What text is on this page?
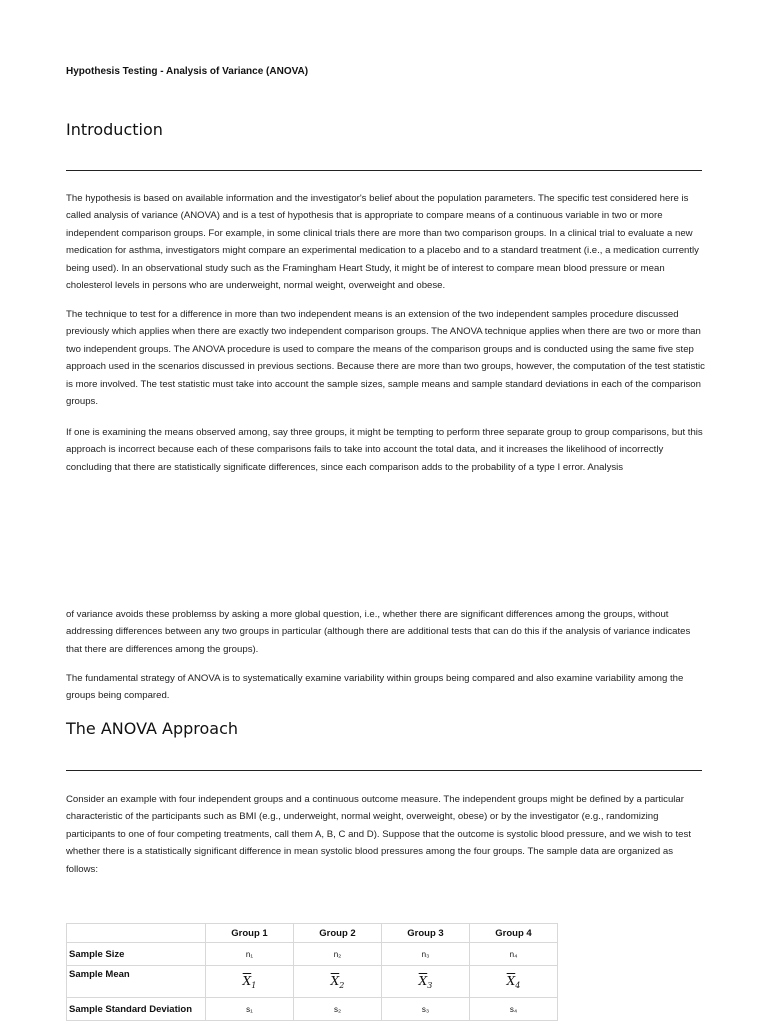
Hypothesis Testing - Analysis of Variance (ANOVA)
Introduction

The hypothesis is based on available information and the investigator's belief about the population parameters. The specific test considered here is called analysis of variance (ANOVA) and is a test of hypothesis that is appropriate to compare means of a continuous variable in two or more independent comparison groups. For example, in some clinical trials there are more than two comparison groups. In a clinical trial to evaluate a new medication for asthma, investigators might compare an experimental medication to a placebo and to a standard treatment (i.e., a medication currently being used). In an observational study such as the Framingham Heart Study, it might be of interest to compare mean blood pressure or mean cholesterol levels in persons who are underweight, normal weight, overweight and obese.

The technique to test for a difference in more than two independent means is an extension of the two independent samples procedure discussed previously which applies when there are exactly two independent comparison groups. The ANOVA technique applies when there are two or more than two independent groups. The ANOVA procedure is used to compare the means of the comparison groups and is conducted using the same five step approach used in the scenarios discussed in previous sections. Because there are more than two groups, however, the computation of the test statistic is more involved. The test statistic must take into account the sample sizes, sample means and sample standard deviations in each of the comparison groups.

If one is examining the means observed among, say three groups, it might be tempting to perform three separate group to group comparisons, but this approach is incorrect because each of these comparisons fails to take into account the total data, and it increases the likelihood of incorrectly concluding that there are statistically significate differences, since each comparison adds to the probability of a type I error. Analysis

of variance avoids these problemss by asking a more global question, i.e., whether there are significant differences among the groups, without addressing differences between any two groups in particular (although there are additional tests that can do this if the analysis of variance indicates that there are differences among the groups).

The fundamental strategy of ANOVA is to systematically examine variability within groups being compared and also examine variability among the groups being compared.

The ANOVA Approach

Consider an example with four independent groups and a continuous outcome measure. The independent groups might be defined by a particular characteristic of the participants such as BMI (e.g., underweight, normal weight, overweight, obese) or by the investigator (e.g., randomizing participants to one of four competing treatments, call them A, B, C and D). Suppose that the outcome is systolic blood pressure, and we wish to test whether there is a statistically significant difference in mean systolic blood pressures among the four groups. The sample data are organized as follows:

	Group 1	Group 2	Group 3	Group 4
Sample Size	n₁	n₂	n₃	n₄
Sample Mean	$\overline{X}_1$	$\overline{X}_2$	$\overline{X}_3$	$\overline{X}_4$
Sample Standard Deviation	s₁	s₂	s₃	s₄
